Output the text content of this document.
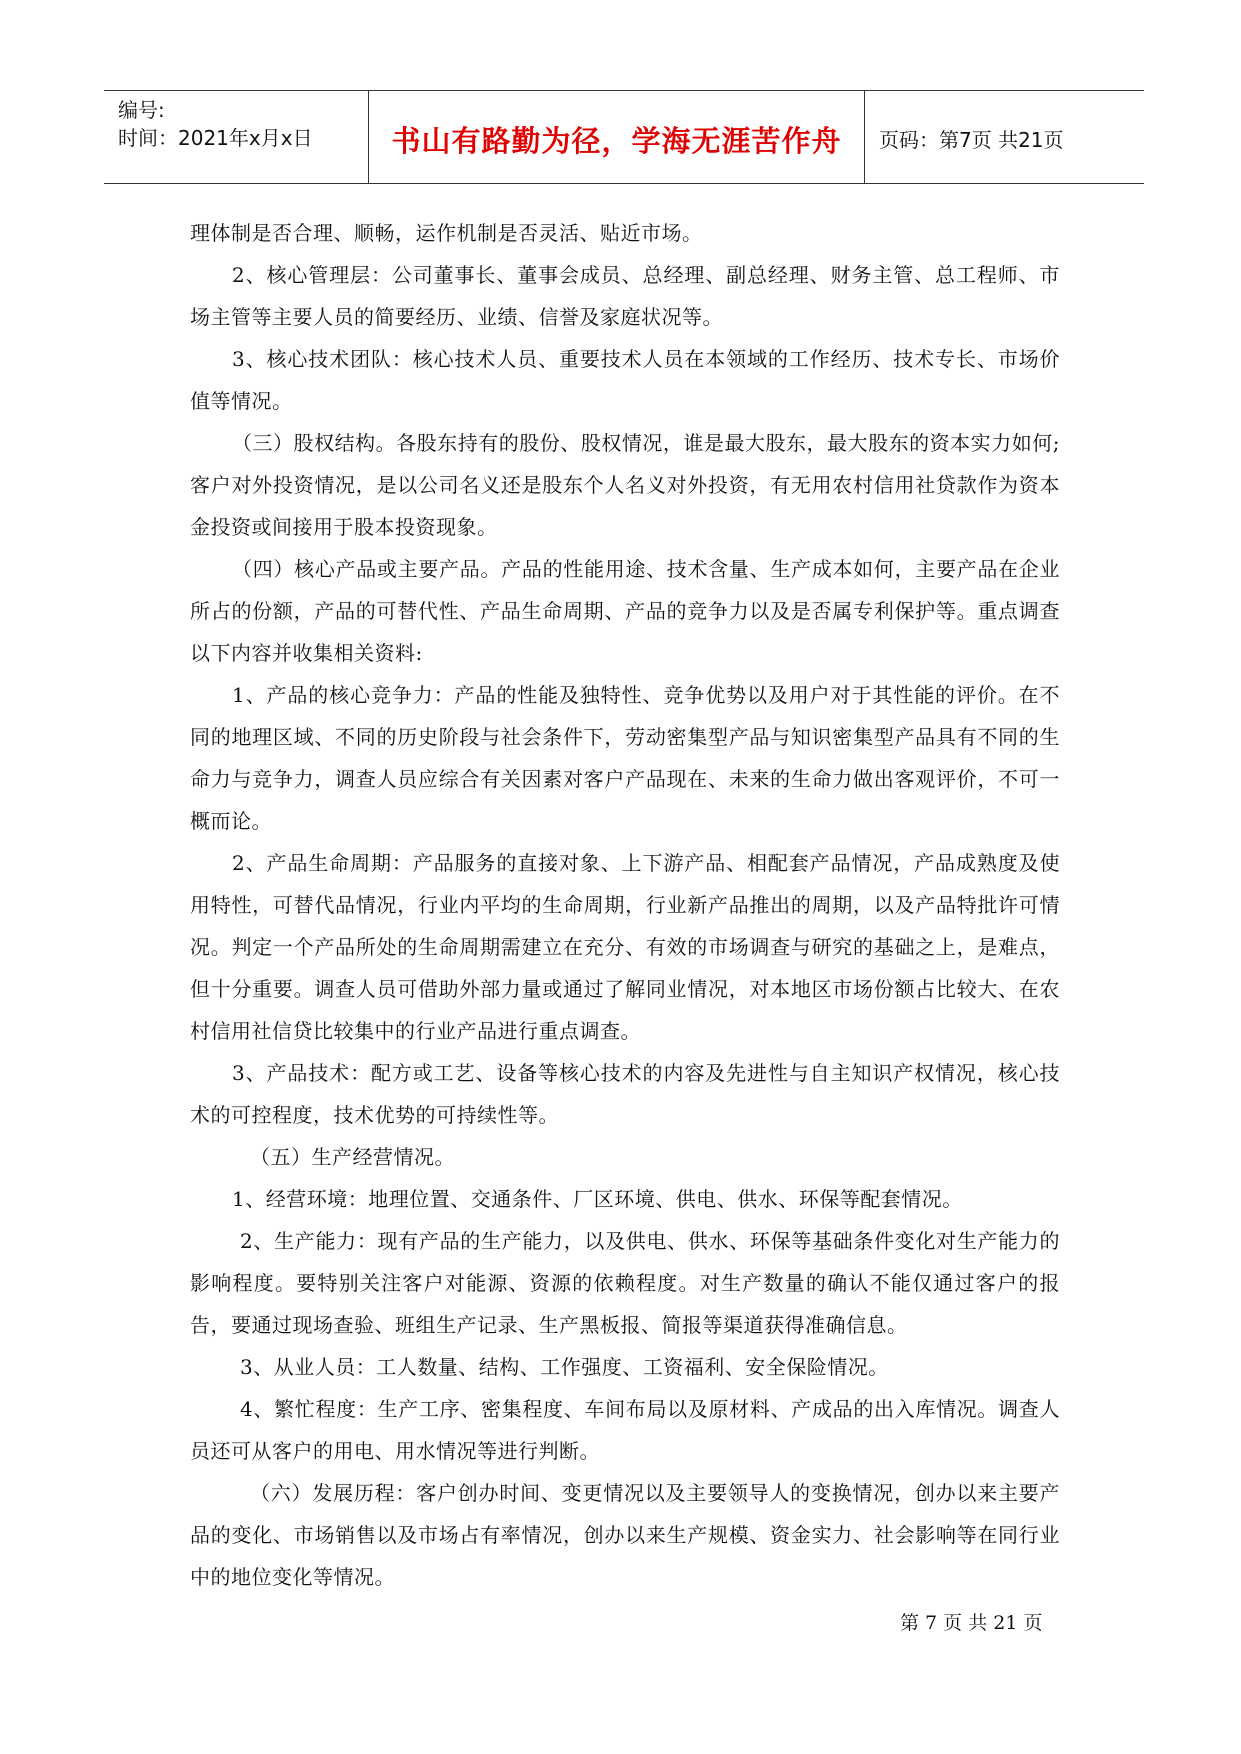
编号:
时间：2021年x月x日	书山有路勤为径，学海无涯苦作舟	页码：第7页 共21页

理体制是否合理、顺畅，运作机制是否灵活、贴近市场。

2、核心管理层：公司董事长、董事会成员、总经理、副总经理、财务主管、总工程师、市场主管等主要人员的简要经历、业绩、信誉及家庭状况等。

3、核心技术团队：核心技术人员、重要技术人员在本领域的工作经历、技术专长、市场价值等情况。

（三）股权结构。各股东持有的股份、股权情况，谁是最大股东，最大股东的资本实力如何; 客户对外投资情况，是以公司名义还是股东个人名义对外投资，有无用农村信用社贷款作为资本金投资或间接用于股本投资现象。

（四）核心产品或主要产品。产品的性能用途、技术含量、生产成本如何，主要产品在企业所占的份额，产品的可替代性、产品生命周期、产品的竞争力以及是否属专利保护等。重点调查以下内容并收集相关资料:

1、产品的核心竞争力：产品的性能及独特性、竞争优势以及用户对于其性能的评价。在不同的地理区域、不同的历史阶段与社会条件下，劳动密集型产品与知识密集型产品具有不同的生命力与竞争力，调查人员应综合有关因素对客户产品现在、未来的生命力做出客观评价，不可一概而论。

2、产品生命周期：产品服务的直接对象、上下游产品、相配套产品情况，产品成熟度及使用特性，可替代品情况，行业内平均的生命周期，行业新产品推出的周期，以及产品特批许可情况。判定一个产品所处的生命周期需建立在充分、有效的市场调查与研究的基础之上，是难点，但十分重要。调查人员可借助外部力量或通过了解同业情况，对本地区市场份额占比较大、在农村信用社信贷比较集中的行业产品进行重点调查。

3、产品技术：配方或工艺、设备等核心技术的内容及先进性与自主知识产权情况，核心技术的可控程度，技术优势的可持续性等。

（五）生产经营情况。

1、经营环境：地理位置、交通条件、厂区环境、供电、供水、环保等配套情况。

2、生产能力：现有产品的生产能力，以及供电、供水、环保等基础条件变化对生产能力的影响程度。要特别关注客户对能源、资源的依赖程度。对生产数量的确认不能仅通过客户的报告，要通过现场查验、班组生产记录、生产黑板报、简报等渠道获得准确信息。

3、从业人员：工人数量、结构、工作强度、工资福利、安全保险情况。

4、繁忙程度：生产工序、密集程度、车间布局以及原材料、产成品的出入库情况。调查人员还可从客户的用电、用水情况等进行判断。

（六）发展历程：客户创办时间、变更情况以及主要领导人的变换情况，创办以来主要产品的变化、市场销售以及市场占有率情况，创办以来生产规模、资金实力、社会影响等在同行业中的地位变化等情况。

第 7 页 共 21 页
